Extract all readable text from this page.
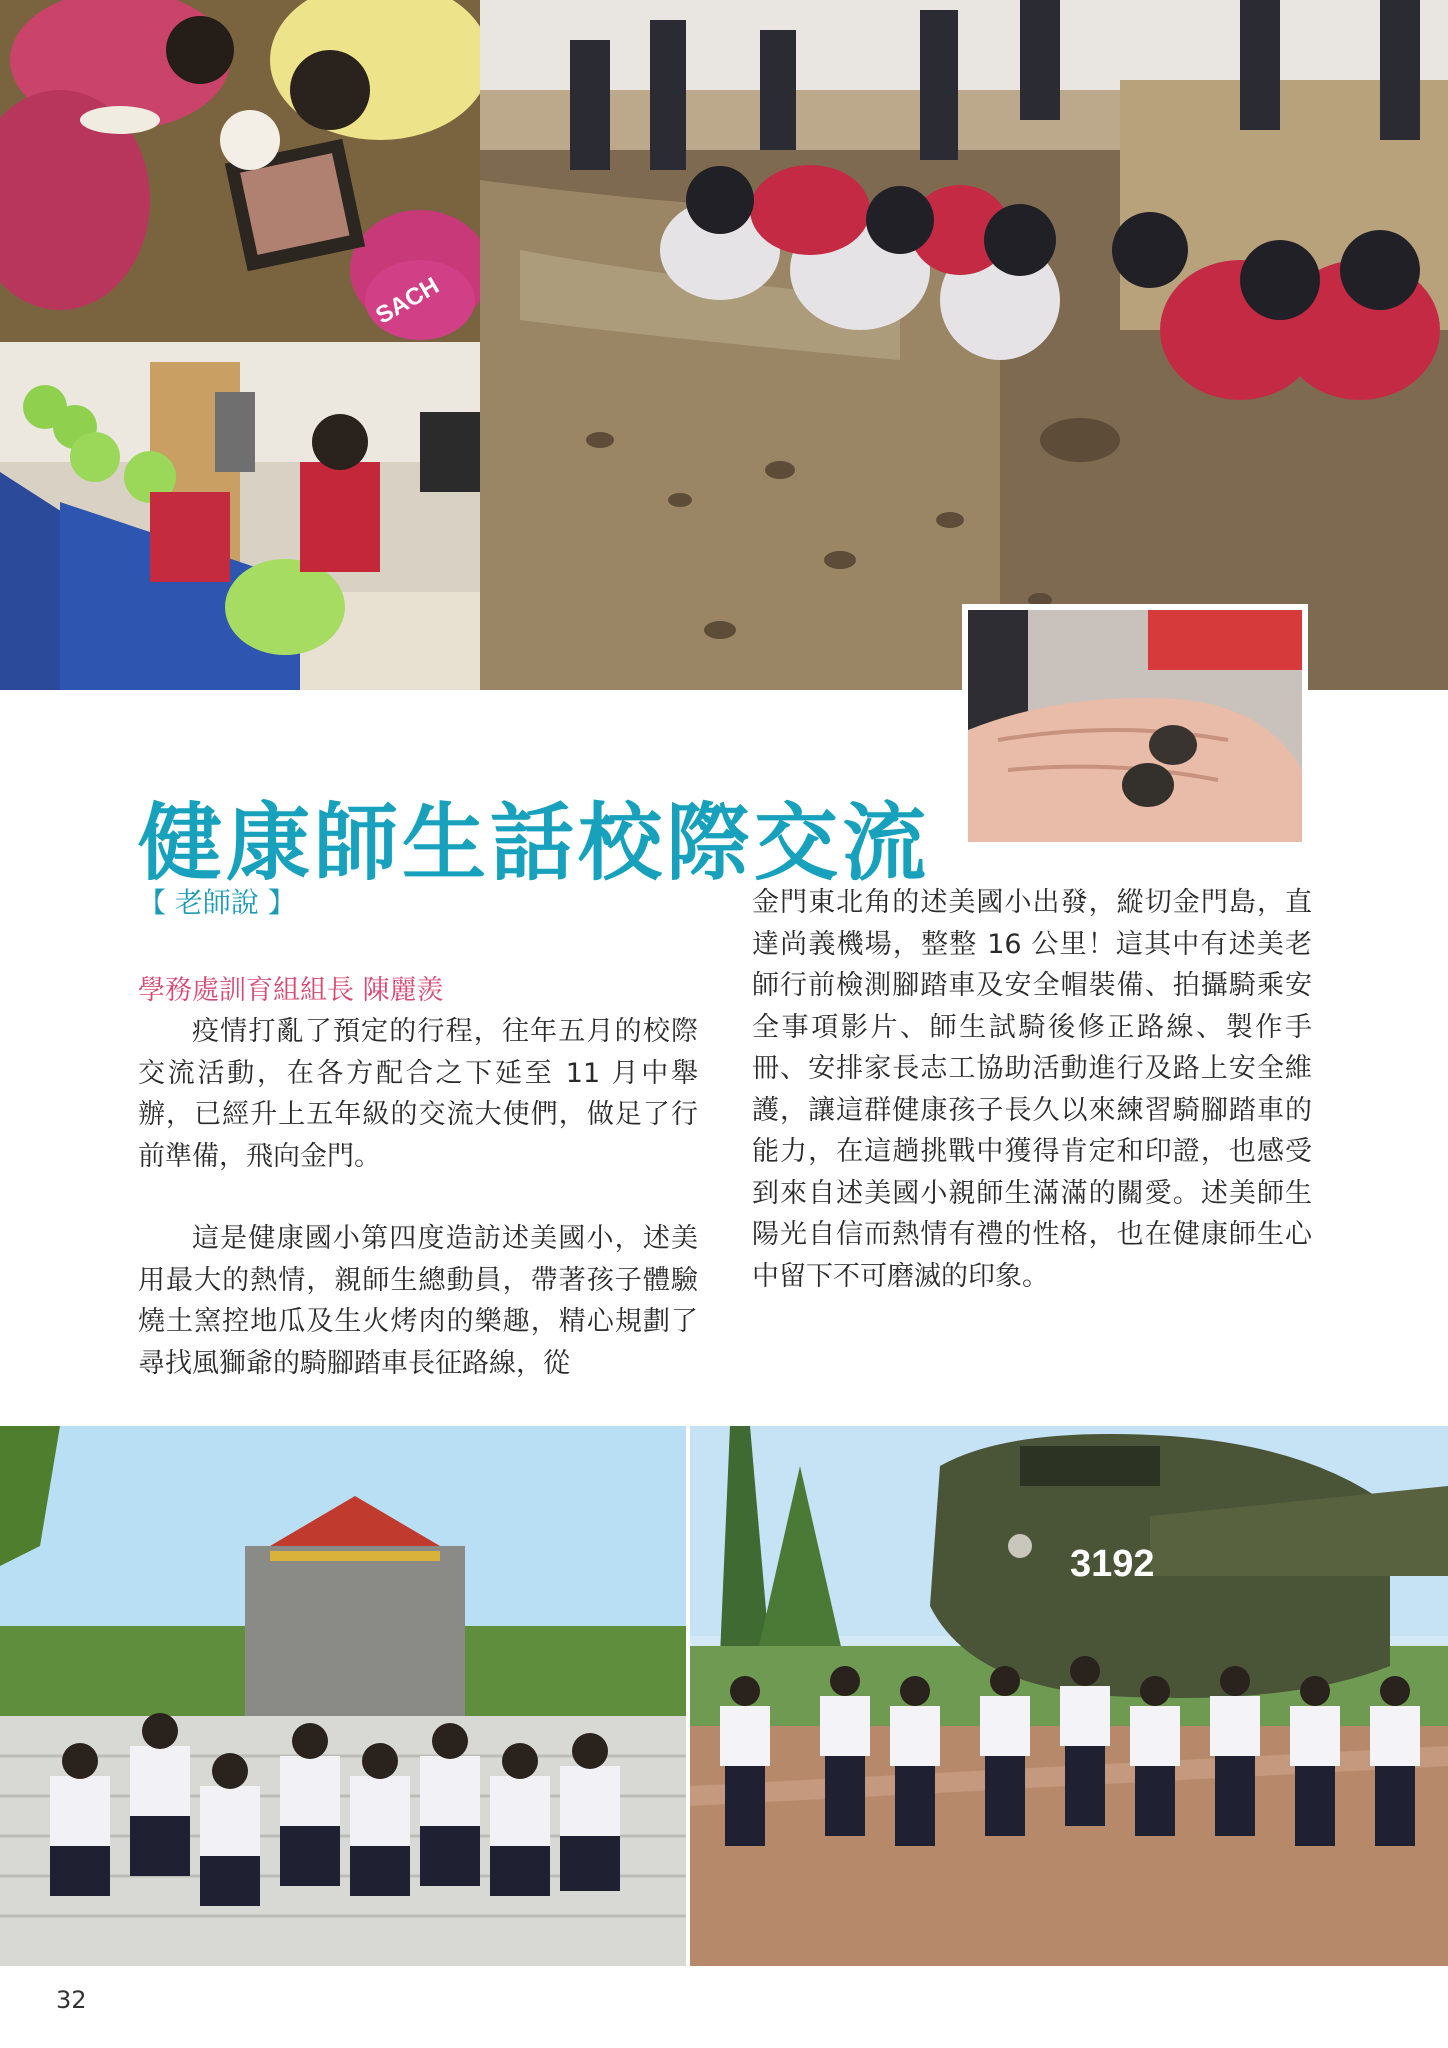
SACH
健康師生話校際交流

【 老師說 】

學務處訓育組組長 陳麗羨

疫情打亂了預定的行程，往年五月的校際交流活動，在各方配合之下延至 11 月中舉辦，已經升上五年級的交流大使們，做足了行前準備，飛向金門。

這是健康國小第四度造訪述美國小，述美用最大的熱情，親師生總動員，帶著孩子體驗燒土窯控地瓜及生火烤肉的樂趣，精心規劃了尋找風獅爺的騎腳踏車長征路線，從

金門東北角的述美國小出發，縱切金門島，直達尚義機場，整整 16 公里！這其中有述美老師行前檢測腳踏車及安全帽裝備、拍攝騎乘安全事項影片、師生試騎後修正路線、製作手冊、安排家長志工協助活動進行及路上安全維護，讓這群健康孩子長久以來練習騎腳踏車的能力，在這趟挑戰中獲得肯定和印證，也感受到來自述美國小親師生滿滿的關愛。述美師生陽光自信而熱情有禮的性格，也在健康師生心中留下不可磨滅的印象。

3192
32
